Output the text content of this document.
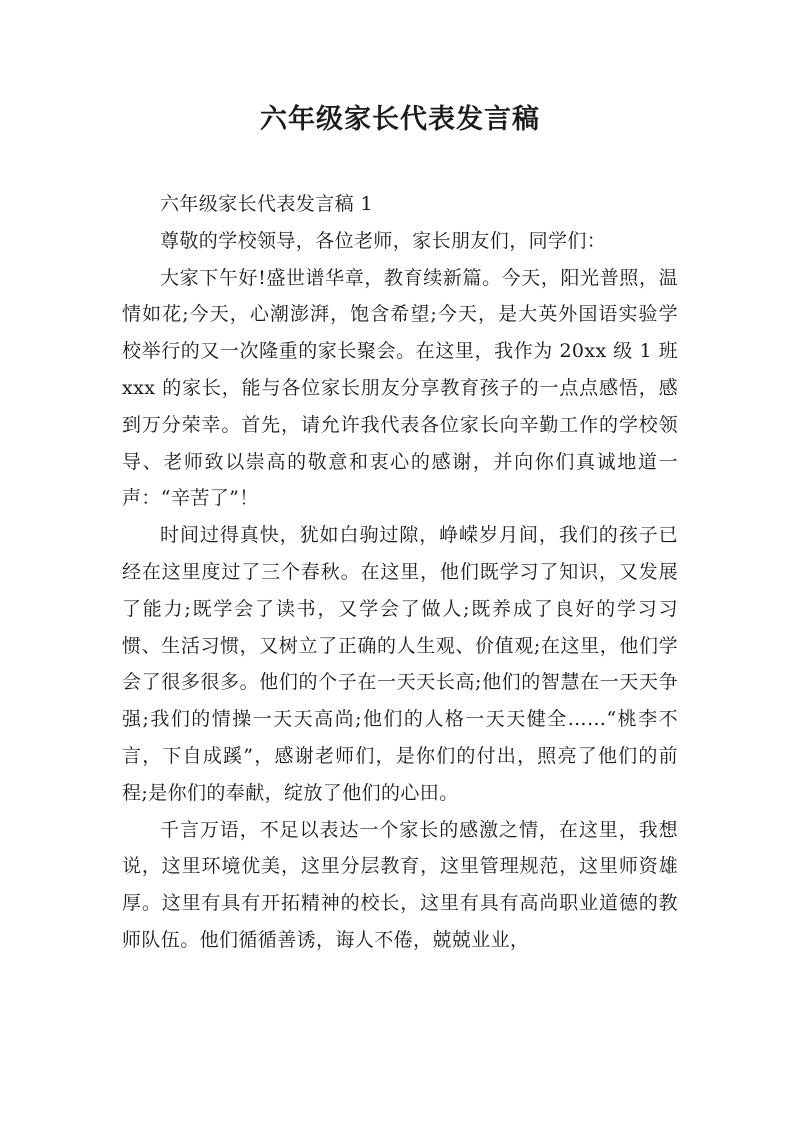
六年级家长代表发言稿

六年级家长代表发言稿 1

尊敬的学校领导，各位老师，家长朋友们，同学们：

大家下午好!盛世谱华章，教育续新篇。今天，阳光普照，温情如花;今天，心潮澎湃，饱含希望;今天，是大英外国语实验学校举行的又一次隆重的家长聚会。在这里，我作为 20xx 级 1 班 xxx 的家长，能与各位家长朋友分享教育孩子的一点点感悟，感到万分荣幸。首先，请允许我代表各位家长向辛勤工作的学校领导、老师致以崇高的敬意和衷心的感谢，并向你们真诚地道一声：“辛苦了”！

时间过得真快，犹如白驹过隙，峥嵘岁月间，我们的孩子已经在这里度过了三个春秋。在这里，他们既学习了知识，又发展了能力;既学会了读书，又学会了做人;既养成了良好的学习习惯、生活习惯，又树立了正确的人生观、价值观;在这里，他们学会了很多很多。他们的个子在一天天长高;他们的智慧在一天天争强;我们的情操一天天高尚;他们的人格一天天健全……“桃李不言，下自成蹊”，感谢老师们，是你们的付出，照亮了他们的前程;是你们的奉献，绽放了他们的心田。

千言万语，不足以表达一个家长的感激之情，在这里，我想说，这里环境优美，这里分层教育，这里管理规范，这里师资雄厚。这里有具有开拓精神的校长，这里有具有高尚职业道德的教师队伍。他们循循善诱，诲人不倦，兢兢业业，
